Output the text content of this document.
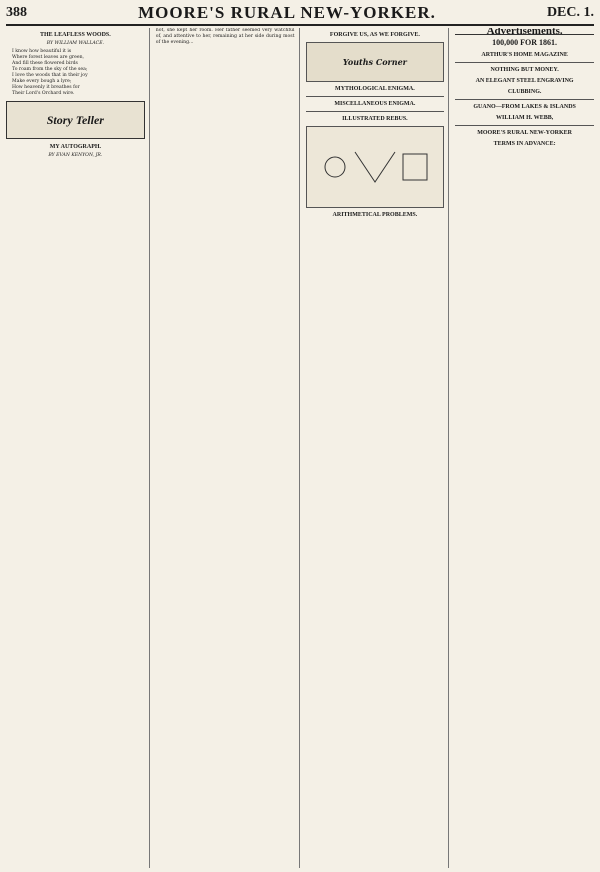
388	MOORE'S RURAL NEW-YORKER.	DEC. 1.
THE LEAFLESS WOODS.
BY WILLIAM WALLACE.
I know how beautiful it is
Where forest leaves are green,
And fill these flowered birds
To roam from the sky of the sea;
I love the woods that in their joy
Make every bough a lyre;
How heavenly it breathes for
Their Lord's Orchard wire.
Story Teller
MY AUTOGRAPH.
BY EVAN KENYON, JR.
not, she kept her room. Her father seemed very watchful of, and attentive to her, remaining at her side during most of the evening...
FORGIVE US, AS WE FORGIVE.
Youths Corner
MYTHOLOGICAL ENIGMA.
MISCELLANEOUS ENIGMA.
ILLUSTRATED REBUS.
ARITHMETICAL PROBLEMS.
Advertisements.
100,000 FOR 1861.
ARTHUR'S HOME MAGAZINE
NOTHING BUT MONEY.
AN ELEGANT STEEL ENGRAVING
CLUBBING.
GUANO—FROM LAKES & ISLANDS
WILLIAM H. WEBB,
MOORE'S RURAL NEW-YORKER
TERMS IN ADVANCE:
